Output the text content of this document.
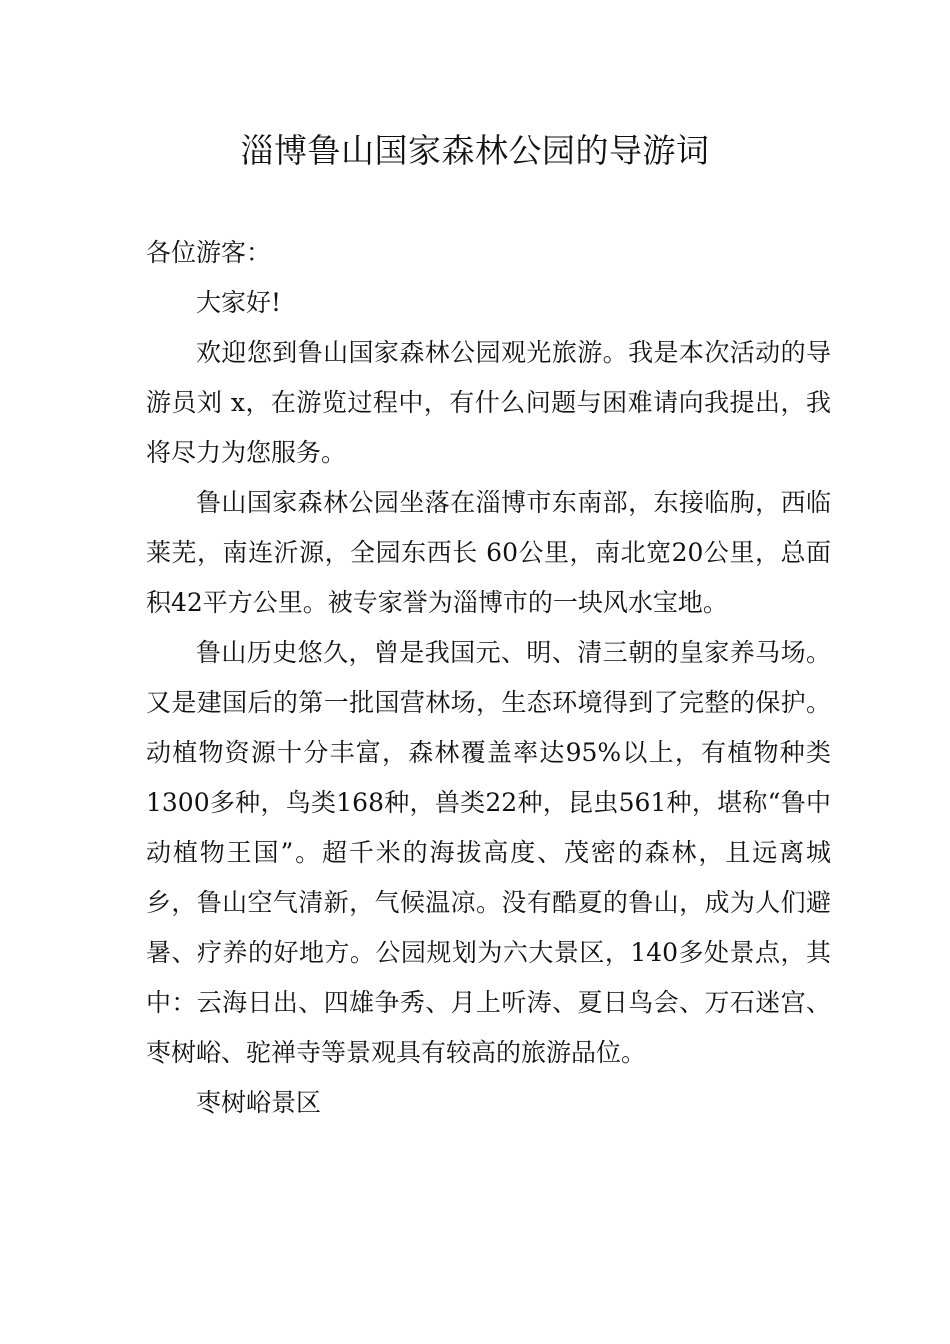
淄博鲁山国家森林公园的导游词

各位游客：

大家好!

欢迎您到鲁山国家森林公园观光旅游。我是本次活动的导游员刘 x，在游览过程中，有什么问题与困难请向我提出，我将尽力为您服务。

鲁山国家森林公园坐落在淄博市东南部，东接临朐，西临莱芜，南连沂源，全园东西长 60公里，南北宽20公里，总面积42平方公里。被专家誉为淄博市的一块风水宝地。

鲁山历史悠久，曾是我国元、明、清三朝的皇家养马场。又是建国后的第一批国营林场，生态环境得到了完整的保护。动植物资源十分丰富，森林覆盖率达95%以上，有植物种类1300多种，鸟类168种，兽类22种，昆虫561种，堪称“鲁中动植物王国”。超千米的海拔高度、茂密的森林，且远离城乡，鲁山空气清新，气候温凉。没有酷夏的鲁山，成为人们避暑、疗养的好地方。公园规划为六大景区，140多处景点，其中：云海日出、四雄争秀、月上听涛、夏日鸟会、万石迷宫、枣树峪、驼禅寺等景观具有较高的旅游品位。

枣树峪景区
